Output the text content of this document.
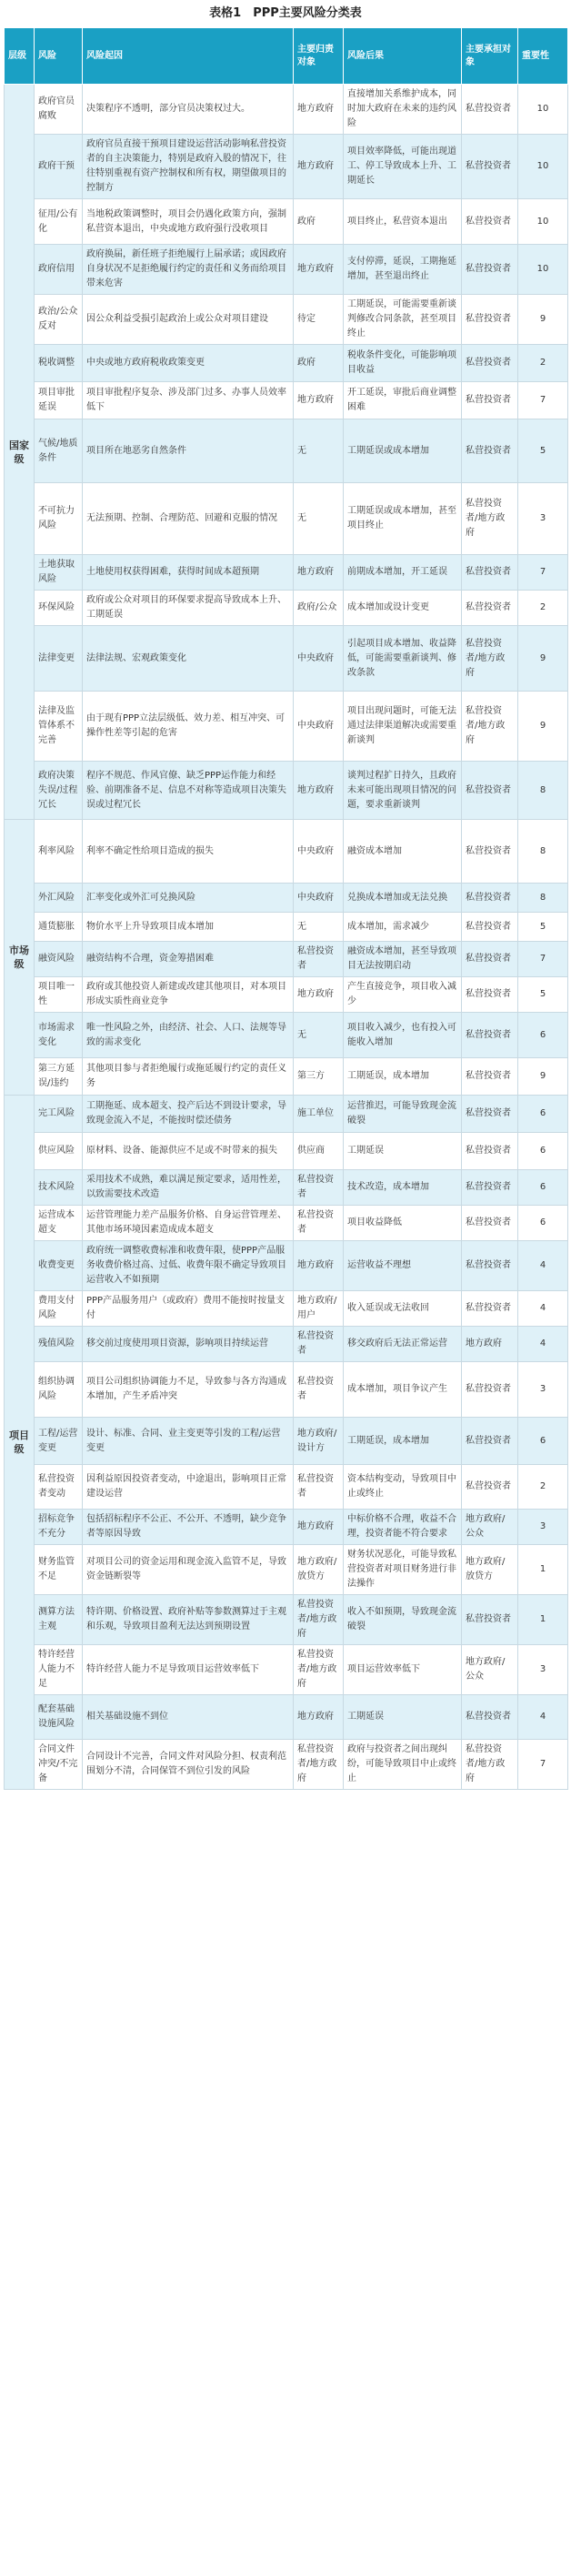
表格1　PPP主要风险分类表
层级	风险	风险起因	主要归责对象	风险后果	主要承担对象	重要性
国家级	政府官员腐败	决策程序不透明，部分官员决策权过大。	地方政府	直接增加关系维护成本，同时加大政府在未来的违约风险	私营投资者	10
	政府干预	政府官员直接干预项目建设运营活动影响私营投资者的自主决策能力，特别是政府入股的情况下，往往特别重视有资产控制权和所有权，期望做项目的控制方	地方政府	项目效率降低，可能出现道工、停工导致成本上升、工期延长	私营投资者	10
	征用/公有化	当地税政策调整时，项目会仍遇化政策方向，强制私营资本退出，中央或地方政府强行没收项目	政府	项目终止，私营资本退出	私营投资者	10
	政府信用	政府换届，新任班子拒绝履行上届承诺；或因政府自身状况不足拒绝履行约定的责任和义务而给项目带来危害	地方政府	支付停滞，延误，工期拖延增加，甚至退出终止	私营投资者	10
	政治/公众反对	因公众利益受损引起政治上或公众对项目建设	待定	工期延误，可能需要重新谈判修改合同条款，甚至项目终止	私营投资者	9
	税收调整	中央或地方政府税收政策变更	政府	税收条件变化，可能影响项目收益	私营投资者	2
	项目审批延误	项目审批程序复杂、涉及部门过多、办事人员效率低下	地方政府	开工延误，审批后商业调整困难	私营投资者	7
	气候/地质条件	项目所在地恶劣自然条件	无	工期延误或成本增加	私营投资者	5
	不可抗力风险	无法预期、控制、合理防范、回避和克服的情况	无	工期延误或成本增加，甚至项目终止	私营投资者/地方政府	3
	土地获取风险	土地使用权获得困难，获得时间成本超预期	地方政府	前期成本增加，开工延误	私营投资者	7
	环保风险	政府或公众对项目的环保要求提高导致成本上升、工期延误	政府/公众	成本增加或设计变更	私营投资者	2
	法律变更	法律法规、宏观政策变化	中央政府	引起项目成本增加、收益降低，可能需要重新谈判、修改条款	私营投资者/地方政府	9
	法律及监管体系不完善	由于现有PPP立法层级低、效力差、相互冲突、可操作性差等引起的危害	中央政府	项目出现问题时，可能无法通过法律渠道解决或需要重新谈判	私营投资者/地方政府	9
	政府决策失误/过程冗长	程序不规范、作风官僚、缺乏PPP运作能力和经验、前期准备不足、信息不对称等造成项目决策失误或过程冗长	地方政府	谈判过程扩日持久，且政府未来可能出现项目情况的问题，要求重新谈判	私营投资者	8
市场级	利率风险	利率不确定性给项目造成的损失	中央政府	融资成本增加	私营投资者	8
	外汇风险	汇率变化或外汇可兑换风险	中央政府	兑换成本增加或无法兑换	私营投资者	8
	通货膨胀	物价水平上升导致项目成本增加	无	成本增加，需求减少	私营投资者	5
	融资风险	融资结构不合理，资金筹措困难	私营投资者	融资成本增加，甚至导致项目无法按期启动	私营投资者	7
	项目唯一性	政府或其他投资人新建或改建其他项目，对本项目形成实质性商业竞争	地方政府	产生直接竞争，项目收入减少	私营投资者	5
	市场需求变化	唯一性风险之外，由经济、社会、人口、法规等导致的需求变化	无	项目收入减少，也有投入可能收入增加	私营投资者	6
	第三方延误/违约	其他项目参与者拒绝履行或拖延履行约定的责任义务	第三方	工期延误，成本增加	私营投资者	9
项目级	完工风险	工期拖延、成本超支、投产后达不到设计要求，导致现金流入不足，不能按时偿还债务	施工单位	运营推迟，可能导致现金流破裂	私营投资者	6
	供应风险	原材料、设备、能源供应不足或不时带来的损失	供应商	工期延误	私营投资者	6
	技术风险	采用技术不成熟，难以满足预定要求，适用性差，以致需要技术改造	私营投资者	技术改造，成本增加	私营投资者	6
	运营成本超支	运营管理能力差产品服务价格、自身运营管理差、其他市场环境因素造成成本超支	私营投资者	项目收益降低	私营投资者	6
	收费变更	政府统一调整收费标准和收费年限，使PPP产品服务收费价格过高、过低、收费年限不确定导致项目运营收入不如预期	地方政府	运营收益不理想	私营投资者	4
	费用支付风险	PPP产品服务用户（或政府）费用不能按时按量支付	地方政府/用户	收入延误或无法收回	私营投资者	4
	残值风险	移交前过度使用项目资源，影响项目持续运营	私营投资者	移交政府后无法正常运营	地方政府	4
	组织协调风险	项目公司组织协调能力不足，导致参与各方沟通成本增加，产生矛盾冲突	私营投资者	成本增加，项目争议产生	私营投资者	3
	工程/运营变更	设计、标准、合同、业主变更等引发的工程/运营变更	地方政府/设计方	工期延误，成本增加	私营投资者	6
	私营投资者变动	因利益原因投资者变动，中途退出，影响项目正常建设运营	私营投资者	资本结构变动，导致项目中止或终止	私营投资者	2
	招标竞争不充分	包括招标程序不公正、不公开、不透明，缺少竞争者等原因导致	地方政府	中标价格不合理，收益不合理，投资者能不符合要求	地方政府/公众	3
	财务监管不足	对项目公司的资金运用和现金流入监管不足，导致资金链断裂等	地方政府/放贷方	财务状况恶化，可能导致私营投资者对项目财务进行非法操作	地方政府/放贷方	1
	测算方法主观	特许期、价格设置、政府补贴等参数测算过于主观和乐观，导致项目盈利无法达到预期设置	私营投资者/地方政府	收入不如预期，导致现金流破裂	私营投资者	1
	特许经营人能力不足	特许经营人能力不足导致项目运营效率低下	私营投资者/地方政府	项目运营效率低下	地方政府/公众	3
	配套基础设施风险	相关基础设施不到位	地方政府	工期延误	私营投资者	4
	合同文件冲突/不完备	合同设计不完善，合同文件对风险分担、权责利范围划分不清，合同保管不到位引发的风险	私营投资者/地方政府	政府与投资者之间出现纠纷，可能导致项目中止或终止	私营投资者/地方政府	7
